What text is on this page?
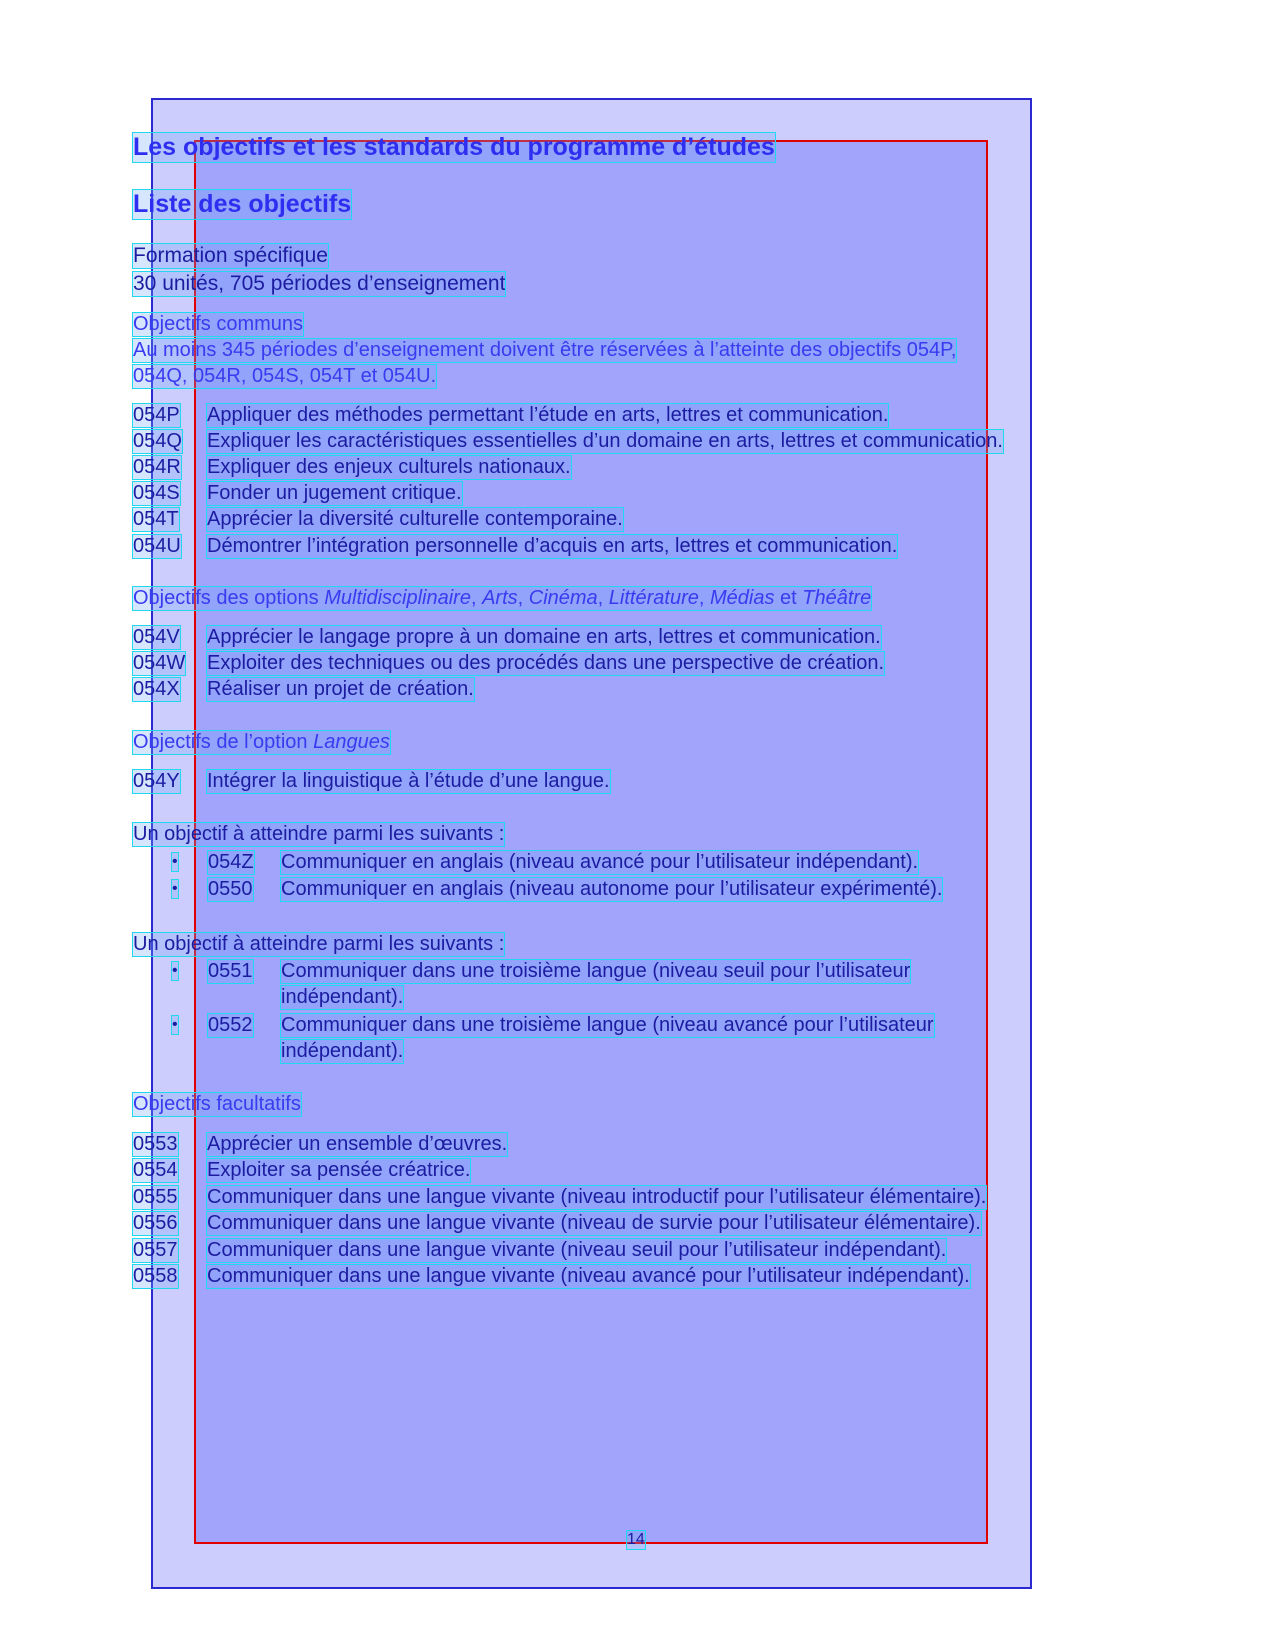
Les objectifs et les standards du programme d’études
Liste des objectifs
Formation spécifique
30 unités, 705 périodes d’enseignement
Objectifs communs
Au moins 345 périodes d’enseignement doivent être réservées à l’atteinte des objectifs 054P,
054Q, 054R, 054S, 054T et 054U.
054P Appliquer des méthodes permettant l’étude en arts, lettres et communication.
054Q Expliquer les caractéristiques essentielles d’un domaine en arts, lettres et communication.
054R Expliquer des enjeux culturels nationaux.
054S Fonder un jugement critique.
054T Apprécier la diversité culturelle contemporaine.
054U Démontrer l’intégration personnelle d’acquis en arts, lettres et communication.
Objectifs des options Multidisciplinaire, Arts, Cinéma, Littérature, Médias et Théâtre
054V Apprécier le langage propre à un domaine en arts, lettres et communication.
054W Exploiter des techniques ou des procédés dans une perspective de création.
054X Réaliser un projet de création.
Objectifs de l’option Langues
054Y Intégrer la linguistique à l’étude d’une langue.
Un objectif à atteindre parmi les suivants :
• 054Z Communiquer en anglais (niveau avancé pour l’utilisateur indépendant).
• 0550 Communiquer en anglais (niveau autonome pour l’utilisateur expérimenté).
Un objectif à atteindre parmi les suivants :
• 0551 Communiquer dans une troisième langue (niveau seuil pour l’utilisateur
indépendant).
• 0552 Communiquer dans une troisième langue (niveau avancé pour l’utilisateur
indépendant).
Objectifs facultatifs
0553 Apprécier un ensemble d’œuvres.
0554 Exploiter sa pensée créatrice.
0555 Communiquer dans une langue vivante (niveau introductif pour l’utilisateur élémentaire).
0556 Communiquer dans une langue vivante (niveau de survie pour l’utilisateur élémentaire).
0557 Communiquer dans une langue vivante (niveau seuil pour l’utilisateur indépendant).
0558 Communiquer dans une langue vivante (niveau avancé pour l’utilisateur indépendant).
14
